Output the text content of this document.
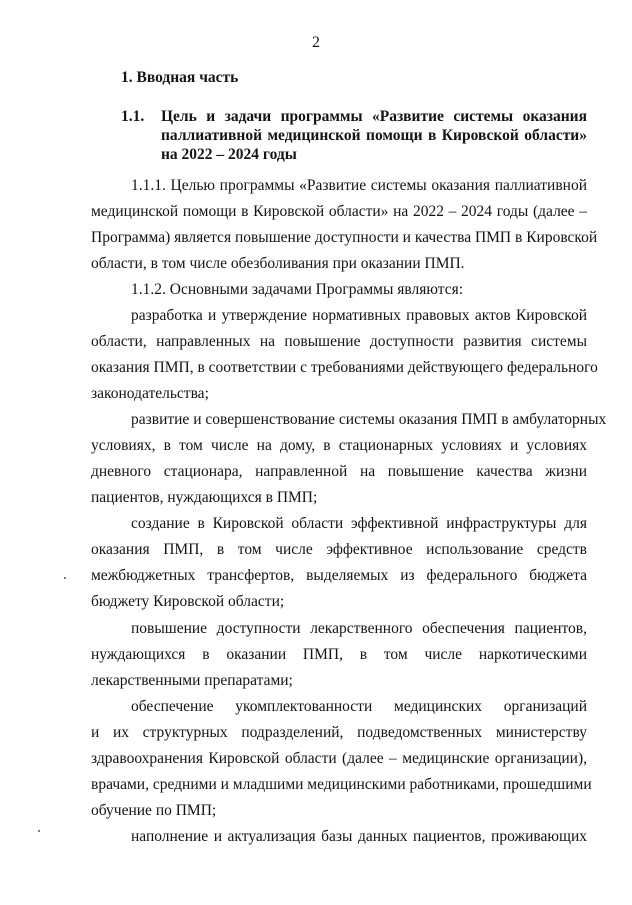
2
1. Вводная часть
1.1. Цель и задачи программы «Развитие системы оказания
паллиативной медицинской помощи в Кировской области»
на 2022 – 2024 годы
1.1.1. Целью программы «Развитие системы оказания паллиативной
медицинской помощи в Кировской области» на 2022 – 2024 годы (далее –
Программа) является повышение доступности и качества ПМП в Кировской
области, в том числе обезболивания при оказании ПМП.
1.1.2. Основными задачами Программы являются:
разработка и утверждение нормативных правовых актов Кировской
области, направленных на повышение доступности развития системы
оказания ПМП, в соответствии с требованиями действующего федерального
законодательства;
развитие и совершенствование системы оказания ПМП в амбулаторных
условиях, в том числе на дому, в стационарных условиях и условиях
дневного стационара, направленной на повышение качества жизни
пациентов, нуждающихся в ПМП;
создание в Кировской области эффективной инфраструктуры для
оказания ПМП, в том числе эффективное использование средств
межбюджетных трансфертов, выделяемых из федерального бюджета
бюджету Кировской области;
повышение доступности лекарственного обеспечения пациентов,
нуждающихся в оказании ПМП, в том числе наркотическими
лекарственными препаратами;
обеспечение укомплектованности медицинских организаций
и их структурных подразделений, подведомственных министерству
здравоохранения Кировской области (далее – медицинские организации),
врачами, средними и младшими медицинскими работниками, прошедшими
обучение по ПМП;
наполнение и актуализация базы данных пациентов, проживающих
